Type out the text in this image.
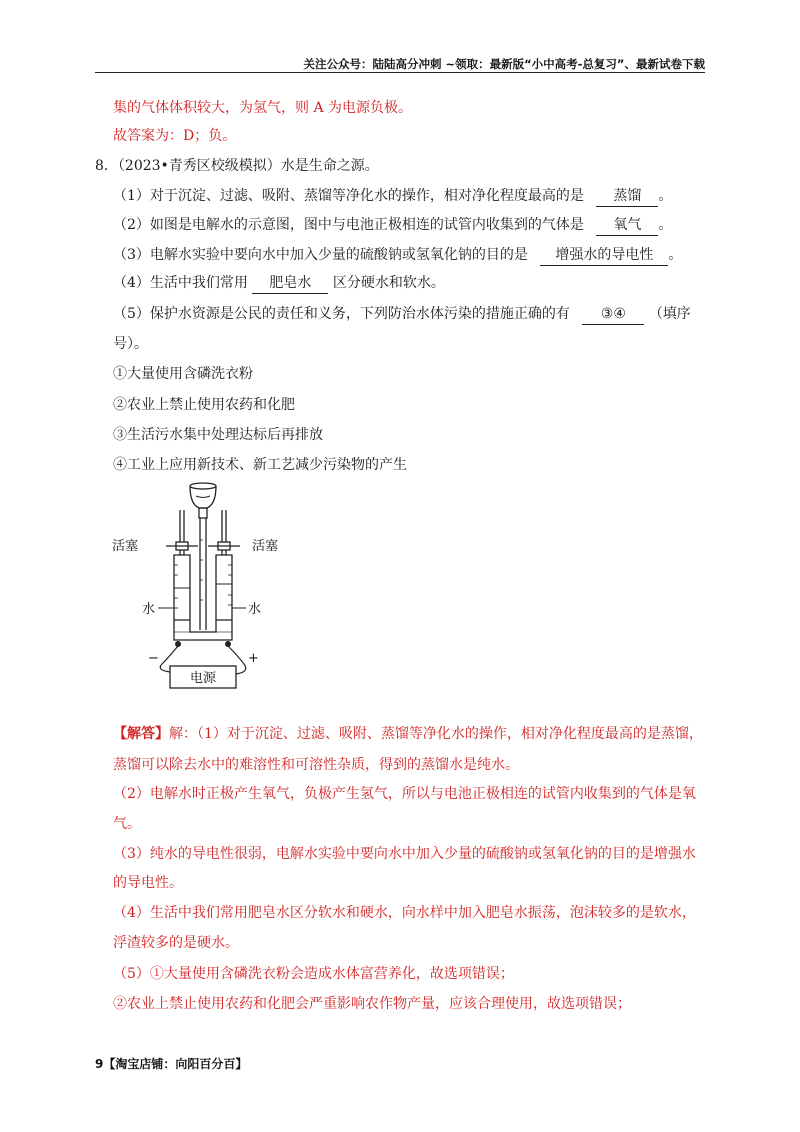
关注公众号：陆陆高分冲刺 ~领取：最新版“小中高考-总复习”、最新试卷下载
集的气体体积较大，为氢气，则 A 为电源负极。
故答案为：D；负。
8．（2023•青秀区校级模拟）水是生命之源。
（1）对于沉淀、过滤、吸附、蒸馏等净化水的操作，相对净化程度最高的是 蒸馏 。
（2）如图是电解水的示意图，图中与电池正极相连的试管内收集到的气体是 氧气 。
（3）电解水实验中要向水中加入少量的硫酸钠或氢氧化钠的目的是 增强水的导电性 。
（4）生活中我们常用 肥皂水 区分硬水和软水。
（5）保护水资源是公民的责任和义务，下列防治水体污染的措施正确的有 ③④ （填序
号）。
①大量使用含磷洗衣粉
②农业上禁止使用农药和化肥
③生活污水集中处理达标后再排放
④工业上应用新技术、新工艺减少污染物的产生
电源
活塞	活塞
水	水
−	+
【解答】解：（1）对于沉淀、过滤、吸附、蒸馏等净化水的操作，相对净化程度最高的是蒸馏，
蒸馏可以除去水中的难溶性和可溶性杂质，得到的蒸馏水是纯水。
（2）电解水时正极产生氧气，负极产生氢气，所以与电池正极相连的试管内收集到的气体是氧
气。
（3）纯水的导电性很弱，电解水实验中要向水中加入少量的硫酸钠或氢氧化钠的目的是增强水
的导电性。
（4）生活中我们常用肥皂水区分软水和硬水，向水样中加入肥皂水振荡，泡沫较多的是软水，
浮渣较多的是硬水。
（5）①大量使用含磷洗衣粉会造成水体富营养化，故选项错误；
②农业上禁止使用农药和化肥会严重影响农作物产量，应该合理使用，故选项错误；
9【淘宝店铺：向阳百分百】
